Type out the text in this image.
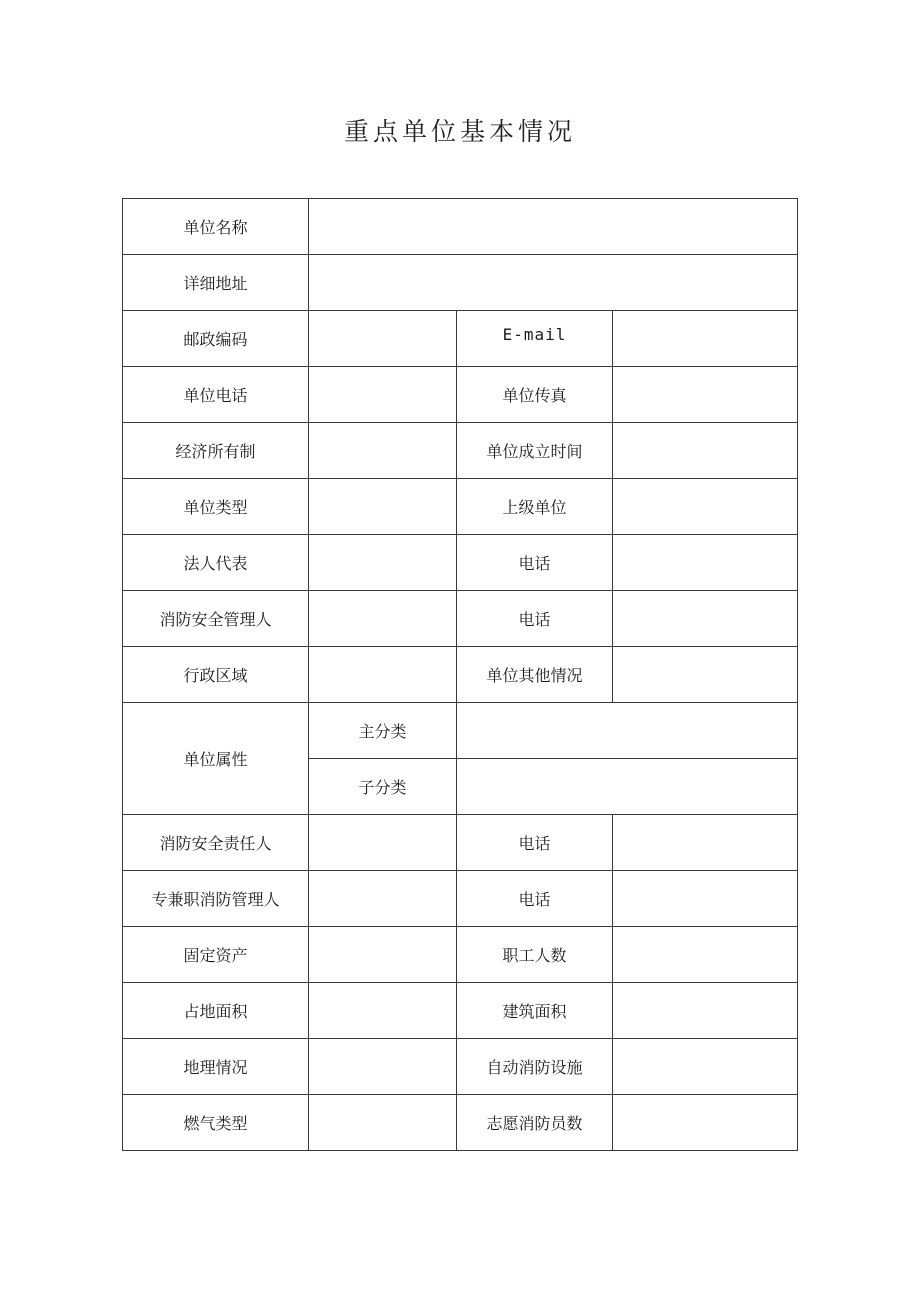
重点单位基本情况
单位名称			
详细地址			
邮政编码		E-mail	
单位电话		单位传真	
经济所有制		单位成立时间	
单位类型		上级单位	
法人代表		电话	
消防安全管理人		电话	
行政区域		单位其他情况	
单位属性	主分类		
	子分类		
消防安全责任人		电话	
专兼职消防管理人		电话	
固定资产		职工人数	
占地面积		建筑面积	
地理情况		自动消防设施	
燃气类型		志愿消防员数	
